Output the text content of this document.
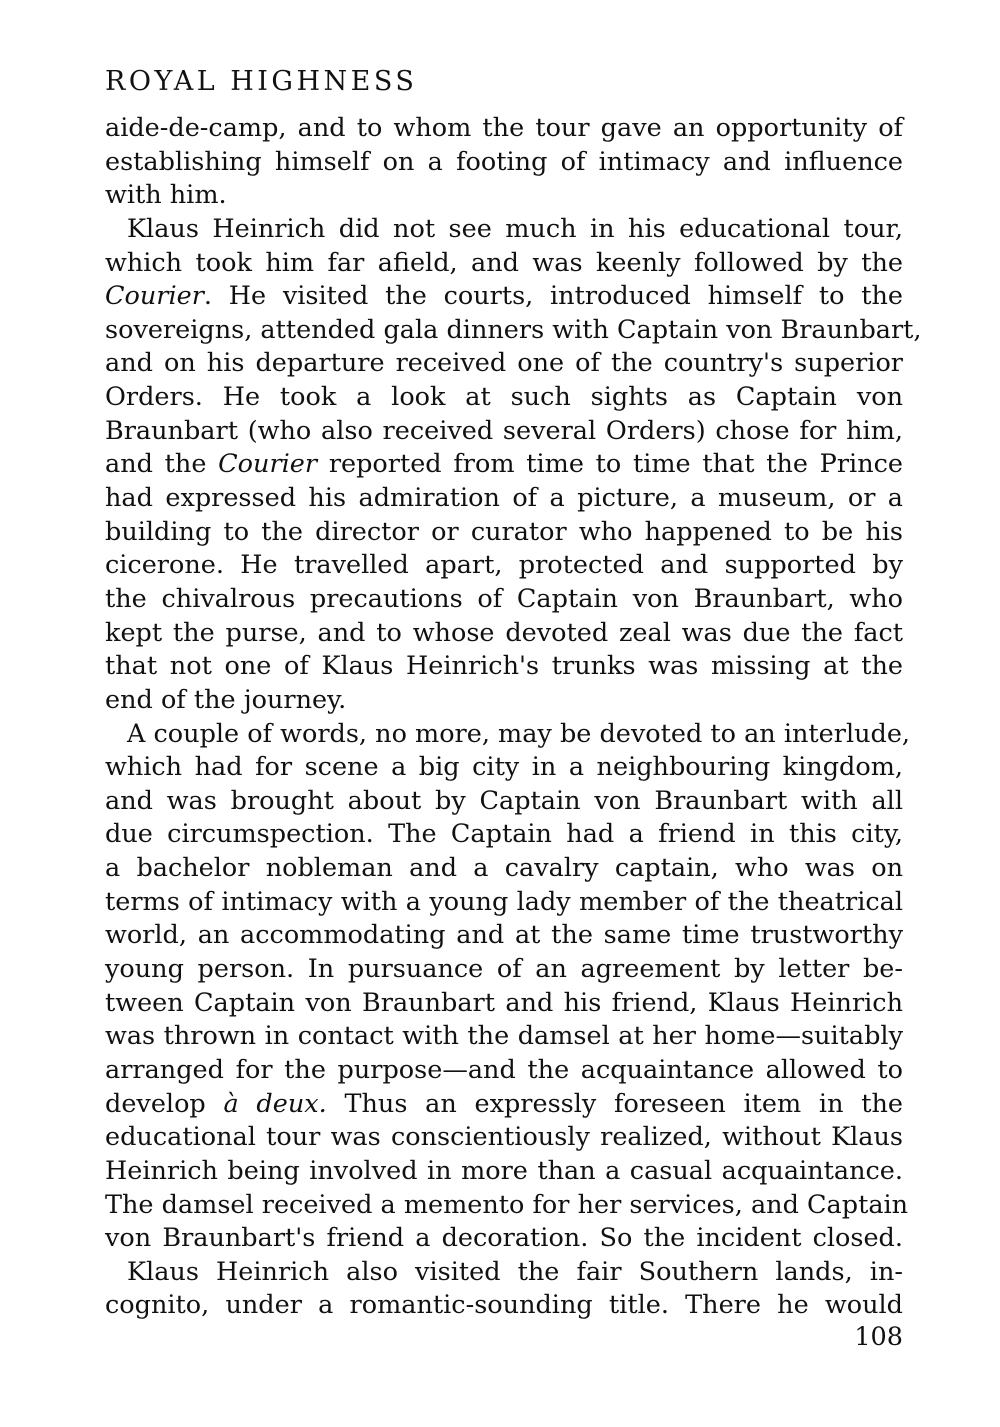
ROYAL HIGHNESS
aide-de-camp, and to whom the tour gave an opportunity of
establishing himself on a footing of intimacy and influence
with him.
Klaus Heinrich did not see much in his educational tour,
which took him far afield, and was keenly followed by the
Courier. He visited the courts, introduced himself to the
sovereigns, attended gala dinners with Captain von Braunbart,
and on his departure received one of the country's superior
Orders. He took a look at such sights as Captain von
Braunbart (who also received several Orders) chose for him,
and the Courier reported from time to time that the Prince
had expressed his admiration of a picture, a museum, or a
building to the director or curator who happened to be his
cicerone. He travelled apart, protected and supported by
the chivalrous precautions of Captain von Braunbart, who
kept the purse, and to whose devoted zeal was due the fact
that not one of Klaus Heinrich's trunks was missing at the
end of the journey.
A couple of words, no more, may be devoted to an interlude,
which had for scene a big city in a neighbouring kingdom,
and was brought about by Captain von Braunbart with all
due circumspection. The Captain had a friend in this city,
a bachelor nobleman and a cavalry captain, who was on
terms of intimacy with a young lady member of the theatrical
world, an accommodating and at the same time trustworthy
young person. In pursuance of an agreement by letter be-
tween Captain von Braunbart and his friend, Klaus Heinrich
was thrown in contact with the damsel at her home—suitably
arranged for the purpose—and the acquaintance allowed to
develop à deux. Thus an expressly foreseen item in the
educational tour was conscientiously realized, without Klaus
Heinrich being involved in more than a casual acquaintance.
The damsel received a memento for her services, and Captain
von Braunbart's friend a decoration. So the incident closed.
Klaus Heinrich also visited the fair Southern lands, in-
cognito, under a romantic-sounding title. There he would
108
